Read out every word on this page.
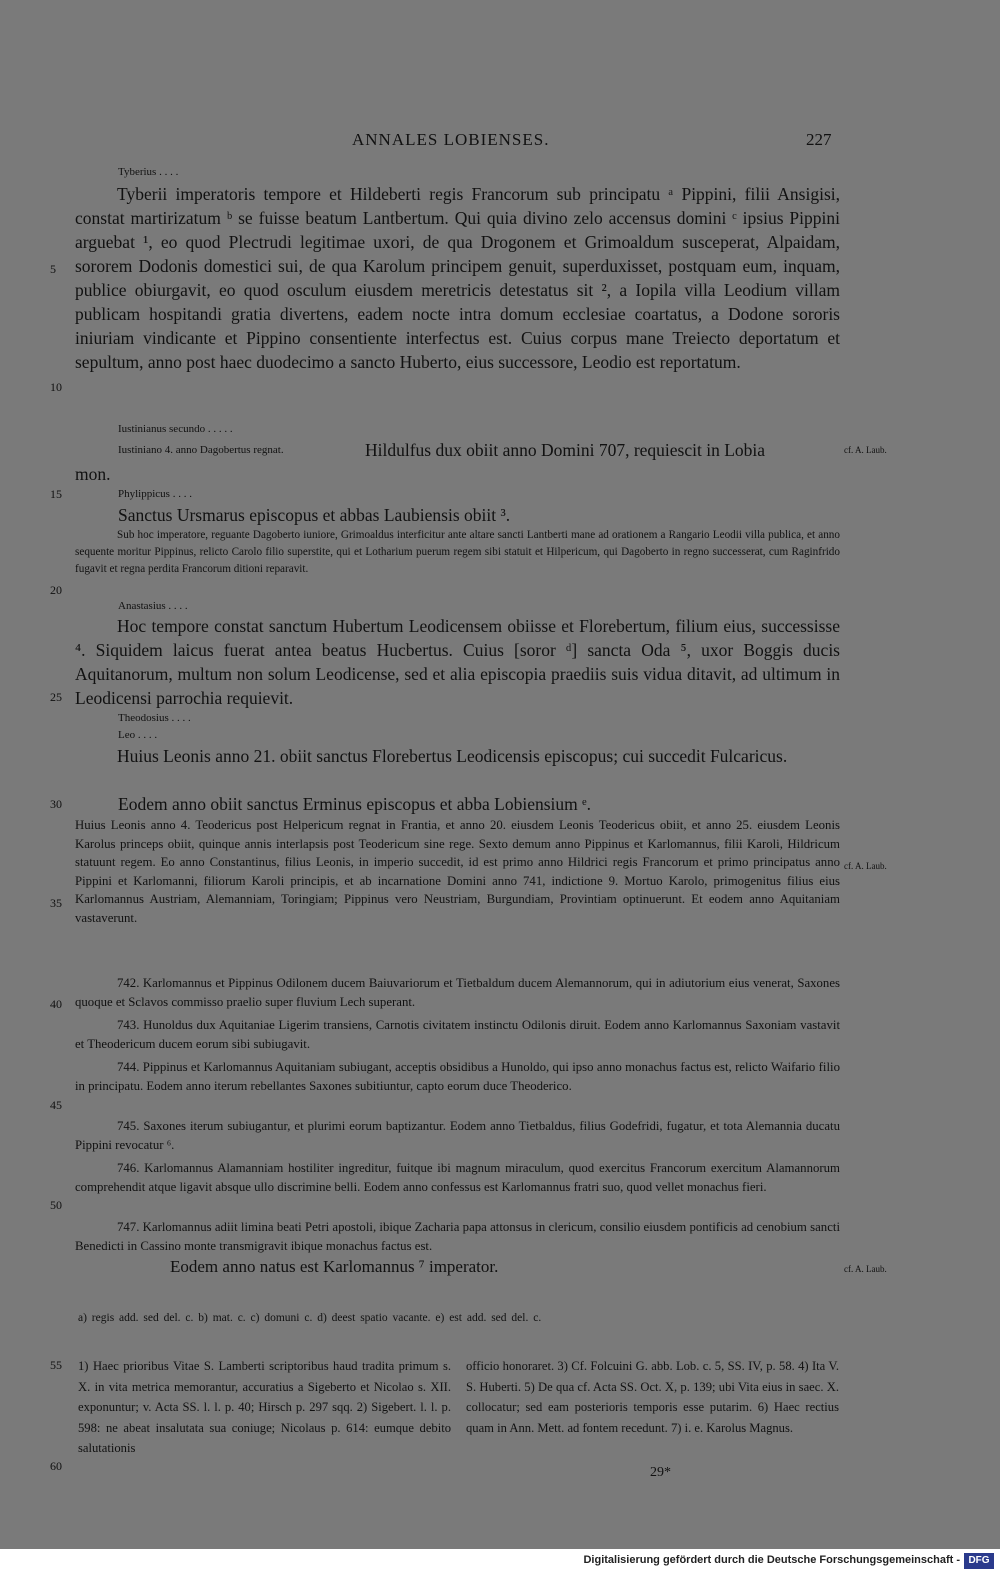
ANNALES LOBIENSES.	227
Tyberius . . . .

Tyberii imperatoris tempore et Hildeberti regis Francorum sub principatu ᵃ Pippini, filii Ansigisi, constat martirizatum ᵇ se fuisse beatum Lantbertum. Qui quia divino zelo accensus domini ᶜ ipsius Pippini arguebat ¹, eo quod Plectrudi legitimae uxori, de qua Drogonem et Grimoaldum susceperat, Alpaidam, sororem Dodonis domestici sui, de qua Karolum principem genuit, superduxisset, postquam eum, inquam, publice obiurgavit, eo quod osculum eiusdem meretricis detestatus sit ², a Iopila villa Leodium villam publicam hospitandi gratia divertens, eadem nocte intra domum ecclesiae coartatus, a Dodone sororis iniuriam vindicante et Pippino consentiente interfectus est. Cuius corpus mane Treiecto deportatum et sepultum, anno post haec duodecimo a sancto Huberto, eius successore, Leodio est reportatum.

Iustinianus secundo . . . . .
Iustiniano 4. anno Dagobertus regnat.	Hildulfus dux obiit anno Domini 707, requiescit in Lobia
mon.
Phylippicus . . . .
Sanctus Ursmarus episcopus et abbas Laubiensis obiit ³.

Sub hoc imperatore, reguante Dagoberto iuniore, Grimoaldus interficitur ante altare sancti Lantberti mane ad orationem a Rangario Leodii villa publica, et anno sequente moritur Pippinus, relicto Carolo filio superstite, qui et Lotharium puerum regem sibi statuit et Hilpericum, qui Dagoberto in regno successerat, cum Raginfrido fugavit et regna perdita Francorum ditioni reparavit.

Anastasius . . . .

Hoc tempore constat sanctum Hubertum Leodicensem obiisse et Florebertum, filium eius, successisse ⁴. Siquidem laicus fuerat antea beatus Hucbertus. Cuius [soror ᵈ] sancta Oda ⁵, uxor Boggis ducis Aquitanorum, multum non solum Leodicense, sed et alia episcopia praediis suis vidua ditavit, ad ultimum in Leodicensi parrochia requievit.

Theodosius . . . .
Leo . . . .

Huius Leonis anno 21. obiit sanctus Florebertus Leodicensis episcopus; cui succedit Fulcaricus.

Eodem anno obiit sanctus Erminus episcopus et abba Lobiensium ᵉ.

Huius Leonis anno 4. Teodericus post Helpericum regnat in Frantia, et anno 20. eiusdem Leonis Teodericus obiit, et anno 25. eiusdem Leonis Karolus princeps obiit, quinque annis interlapsis post Teodericum sine rege. Sexto demum anno Pippinus et Karlomannus, filii Karoli, Hildricum statuunt regem. Eo anno Constantinus, filius Leonis, in imperio succedit, id est primo anno Hildrici regis Francorum et primo principatus anno Pippini et Karlomanni, filiorum Karoli principis, et ab incarnatione Domini anno 741, indictione 9. Mortuo Karolo, primogenitus filius eius Karlomannus Austriam, Alemanniam, Toringiam; Pippinus vero Neustriam, Burgundiam, Provintiam optinuerunt. Et eodem anno Aquitaniam vastaverunt.

742. Karlomannus et Pippinus Odilonem ducem Baiuvariorum et Tietbaldum ducem Alemannorum, qui in adiutorium eius venerat, Saxones quoque et Sclavos commisso praelio super fluvium Lech superant.

743. Hunoldus dux Aquitaniae Ligerim transiens, Carnotis civitatem instinctu Odilonis diruit. Eodem anno Karlomannus Saxoniam vastavit et Theodericum ducem eorum sibi subiugavit.

744. Pippinus et Karlomannus Aquitaniam subiugant, acceptis obsidibus a Hunoldo, qui ipso anno monachus factus est, relicto Waifario filio in principatu. Eodem anno iterum rebellantes Saxones subitiuntur, capto eorum duce Theoderico.

745. Saxones iterum subiugantur, et plurimi eorum baptizantur. Eodem anno Tietbaldus, filius Godefridi, fugatur, et tota Alemannia ducatu Pippini revocatur ⁶.

746. Karlomannus Alamanniam hostiliter ingreditur, fuitque ibi magnum miraculum, quod exercitus Francorum exercitum Alamannorum comprehendit atque ligavit absque ullo discrimine belli. Eodem anno confessus est Karlomannus fratri suo, quod vellet monachus fieri.

747. Karlomannus adiit limina beati Petri apostoli, ibique Zacharia papa attonsus in clericum, consilio eiusdem pontificis ad cenobium sancti Benedicti in Cassino monte transmigravit ibique monachus factus est.

Eodem anno natus est Karlomannus ⁷ imperator.
cf. A. Laub.
cf. A. Laub.
cf. A. Laub.
5
10
15
20
25
30
35
40
45
50
55
60
a) regis add. sed del. c. b) mat. c. c) domuni c. d) deest spatio vacante. e) est add. sed del. c.

1) Haec prioribus Vitae S. Lamberti scriptoribus haud tradita primum s. X. in vita metrica memorantur, accuratius a Sigeberto et Nicolao s. XII. exponuntur; v. Acta SS. l. l. p. 40; Hirsch p. 297 sqq. 2) Sigebert. l. l. p. 598: ne abeat insalutata sua coniuge; Nicolaus p. 614: eumque debito salutationis

officio honoraret. 3) Cf. Folcuini G. abb. Lob. c. 5, SS. IV, p. 58. 4) Ita V. S. Huberti. 5) De qua cf. Acta SS. Oct. X, p. 139; ubi Vita eius in saec. X. collocatur; sed eam posterioris temporis esse putarim. 6) Haec rectius quam in Ann. Mett. ad fontem recedunt. 7) i. e. Karolus Magnus.

29*
Digitalisierung gefördert durch die Deutsche Forschungsgemeinschaft - DFG
